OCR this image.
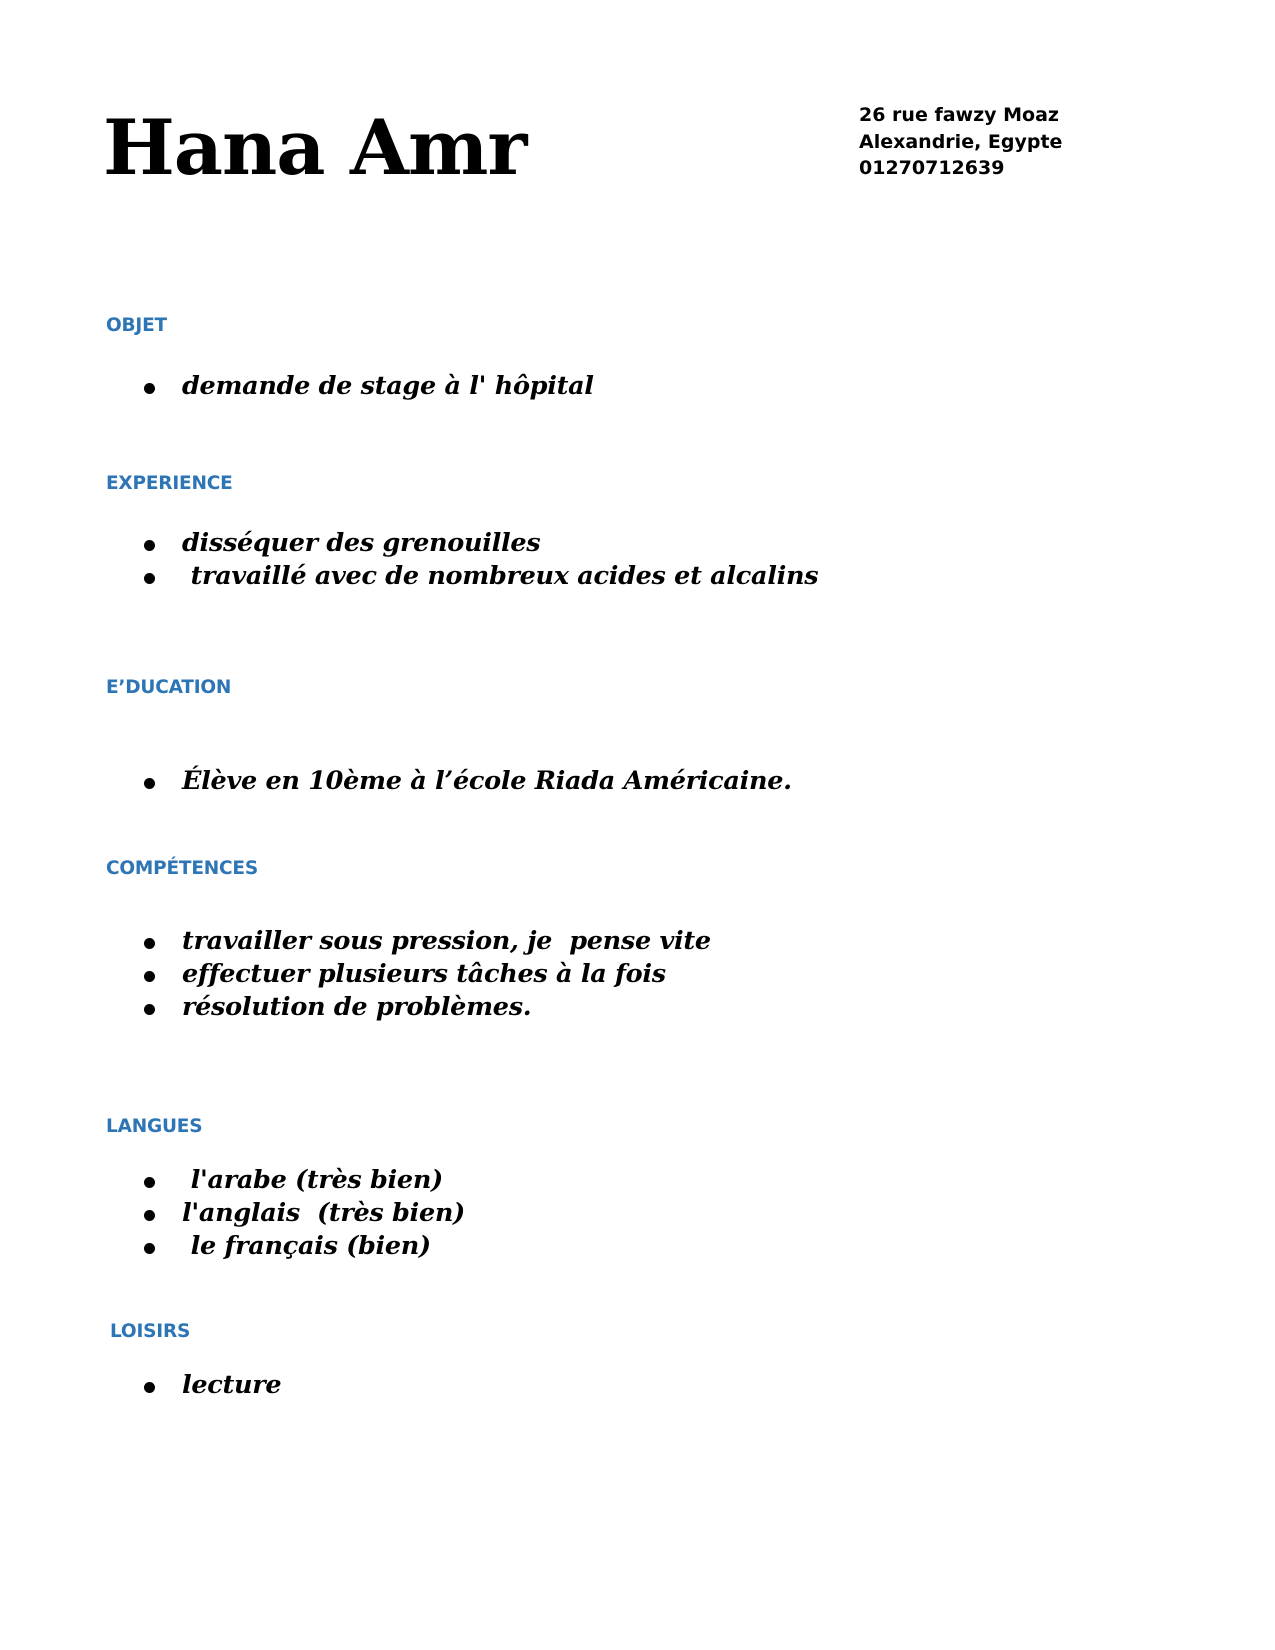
Hana Amr	26 rue fawzy Moaz
Alexandrie, Egypte
01270712639
OBJET
demande de stage à l' hôpital
EXPERIENCE
disséquer des grenouilles
travaillé avec de nombreux acides et alcalins
E’DUCATION
Élève en 10ème à l’école Riada Américaine.
COMPÉTENCES
travailler sous pression, je  pense vite
effectuer plusieurs tâches à la fois
résolution de problèmes.
LANGUES
l'arabe (très bien)
l'anglais  (très bien)
le français (bien)
LOISIRS
lecture
